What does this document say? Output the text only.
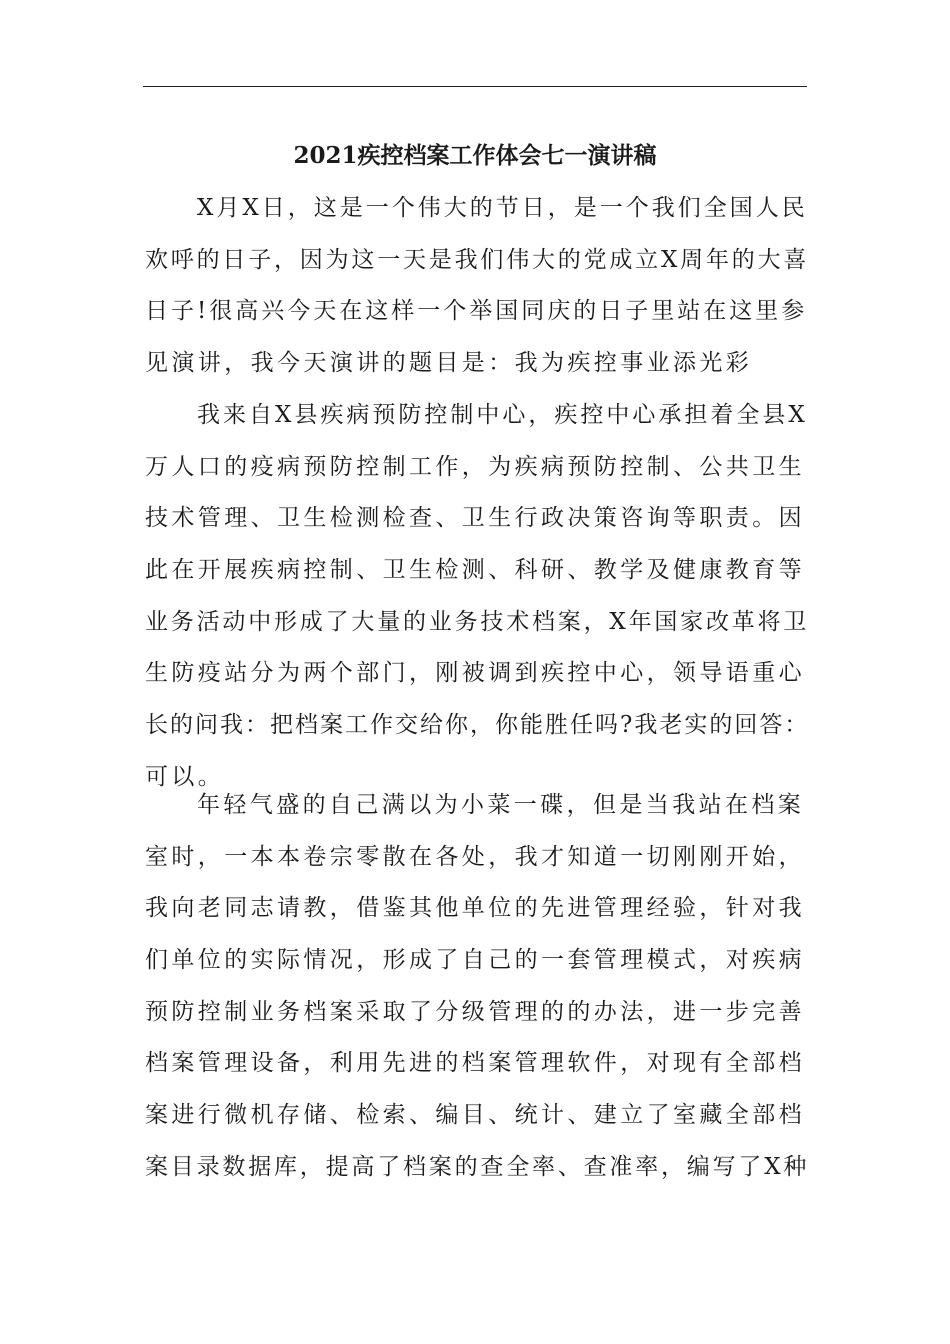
2021疾控档案工作体会七一演讲稿
X月X日，这是一个伟大的节日，是一个我们全国人民
欢呼的日子，因为这一天是我们伟大的党成立X周年的大喜
日子!很高兴今天在这样一个举国同庆的日子里站在这里参
见演讲，我今天演讲的题目是：我为疾控事业添光彩
我来自X县疾病预防控制中心，疾控中心承担着全县X
万人口的疫病预防控制工作，为疾病预防控制、公共卫生
技术管理、卫生检测检查、卫生行政决策咨询等职责。因
此在开展疾病控制、卫生检测、科研、教学及健康教育等
业务活动中形成了大量的业务技术档案，X年国家改革将卫
生防疫站分为两个部门，刚被调到疾控中心，领导语重心
长的问我：把档案工作交给你，你能胜任吗?我老实的回答：
可以。
年轻气盛的自己满以为小菜一碟，但是当我站在档案
室时，一本本卷宗零散在各处，我才知道一切刚刚开始，
我向老同志请教，借鉴其他单位的先进管理经验，针对我
们单位的实际情况，形成了自己的一套管理模式，对疾病
预防控制业务档案采取了分级管理的的办法，进一步完善
档案管理设备，利用先进的档案管理软件，对现有全部档
案进行微机存储、检索、编目、统计、建立了室藏全部档
案目录数据库，提高了档案的查全率、查准率，编写了X种
